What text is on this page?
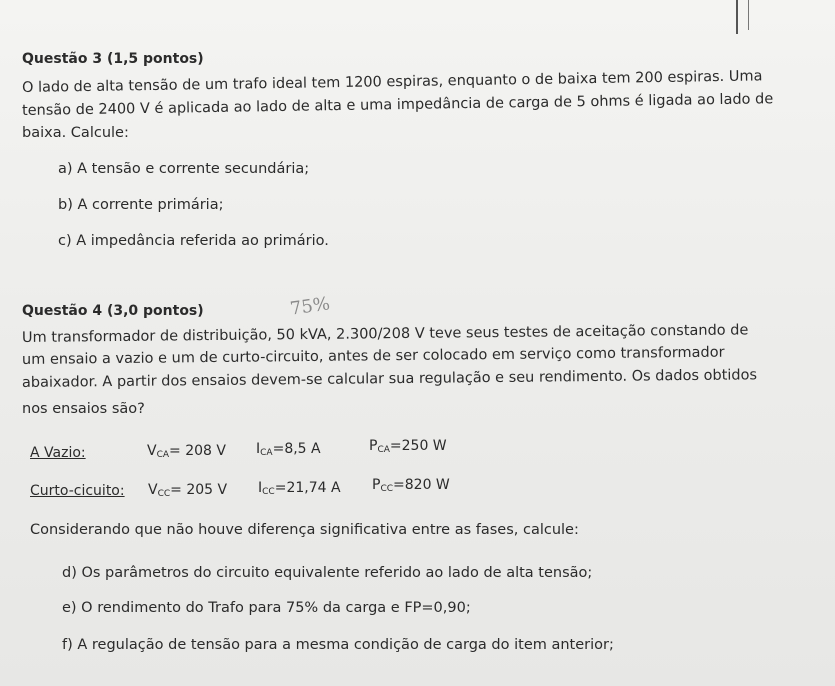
Questão 3 (1,5 pontos)
O lado de alta tensão de um trafo ideal tem 1200 espiras, enquanto o de baixa tem 200 espiras. Uma
tensão de 2400 V é aplicada ao lado de alta e uma impedância de carga de 5 ohms é ligada ao lado de
baixa. Calcule:
a) A tensão e corrente secundária;
b) A corrente primária;
c) A impedância referida ao primário.
Questão 4 (3,0 pontos)	75%
Um transformador de distribuição, 50 kVA, 2.300/208 V teve seus testes de aceitação constando de
um ensaio a vazio e um de curto-circuito, antes de ser colocado em serviço como transformador
abaixador. A partir dos ensaios devem-se calcular sua regulação e seu rendimento. Os dados obtidos
nos ensaios são?
A Vazio:	$V_{CA}= 208$ V $I_{CA}=8,5$ A	$P_{CA}=250$ W
Curto-cicuito: $V_{CC}= 205$ V $I_{CC}=21,74$ A $P_{CC}=820$ W
Considerando que não houve diferença significativa entre as fases, calcule:
d) Os parâmetros do circuito equivalente referido ao lado de alta tensão;
e) O rendimento do Trafo para 75% da carga e FP=0,90;
f) A regulação de tensão para a mesma condição de carga do item anterior;
